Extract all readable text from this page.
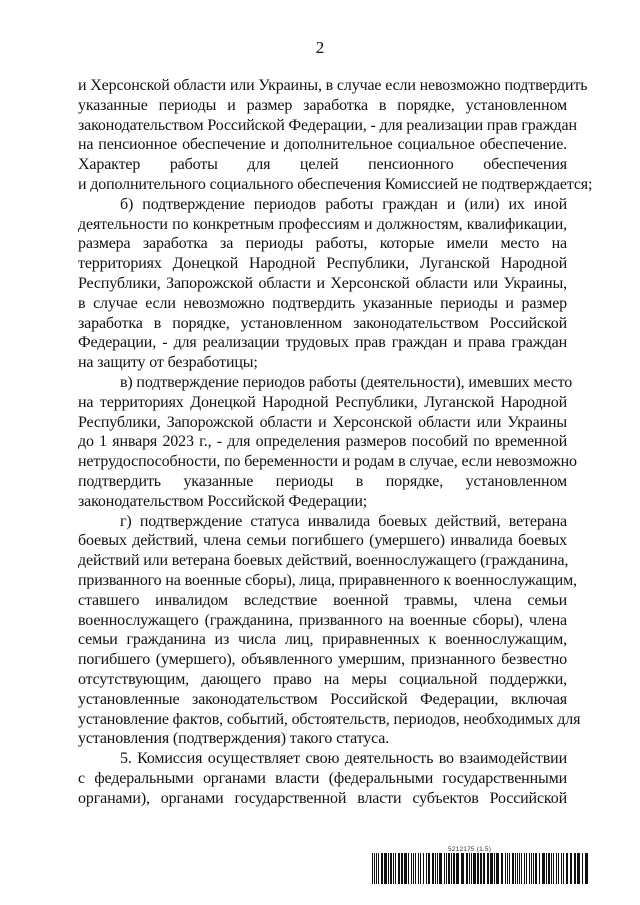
2
и Херсонской области или Украины, в случае если невозможно подтвердить
указанные периоды и размер заработка в порядке, установленном
законодательством Российской Федерации, - для реализации прав граждан
на пенсионное обеспечение и дополнительное социальное обеспечение.
Характер работы для целей пенсионного обеспечения
и дополнительного социального обеспечения Комиссией не подтверждается;
б) подтверждение периодов работы граждан и (или) их иной
деятельности по конкретным профессиям и должностям, квалификации,
размера заработка за периоды работы, которые имели место на
территориях Донецкой Народной Республики, Луганской Народной
Республики, Запорожской области и Херсонской области или Украины,
в случае если невозможно подтвердить указанные периоды и размер
заработка в порядке, установленном законодательством Российской
Федерации, - для реализации трудовых прав граждан и права граждан
на защиту от безработицы;
в) подтверждение периодов работы (деятельности), имевших место
на территориях Донецкой Народной Республики, Луганской Народной
Республики, Запорожской области и Херсонской области или Украины
до 1 января 2023 г., - для определения размеров пособий по временной
нетрудоспособности, по беременности и родам в случае, если невозможно
подтвердить указанные периоды в порядке, установленном
законодательством Российской Федерации;
г) подтверждение статуса инвалида боевых действий, ветерана
боевых действий, члена семьи погибшего (умершего) инвалида боевых
действий или ветерана боевых действий, военнослужащего (гражданина,
призванного на военные сборы), лица, приравненного к военнослужащим,
ставшего инвалидом вследствие военной травмы, члена семьи
военнослужащего (гражданина, призванного на военные сборы), члена
семьи гражданина из числа лиц, приравненных к военнослужащим,
погибшего (умершего), объявленного умершим, признанного безвестно
отсутствующим, дающего право на меры социальной поддержки,
установленные законодательством Российской Федерации, включая
установление фактов, событий, обстоятельств, периодов, необходимых для
установления (подтверждения) такого статуса.
5. Комиссия осуществляет свою деятельность во взаимодействии
с федеральными органами власти (федеральными государственными
органами), органами государственной власти субъектов Российской
5212175 (1.5)
